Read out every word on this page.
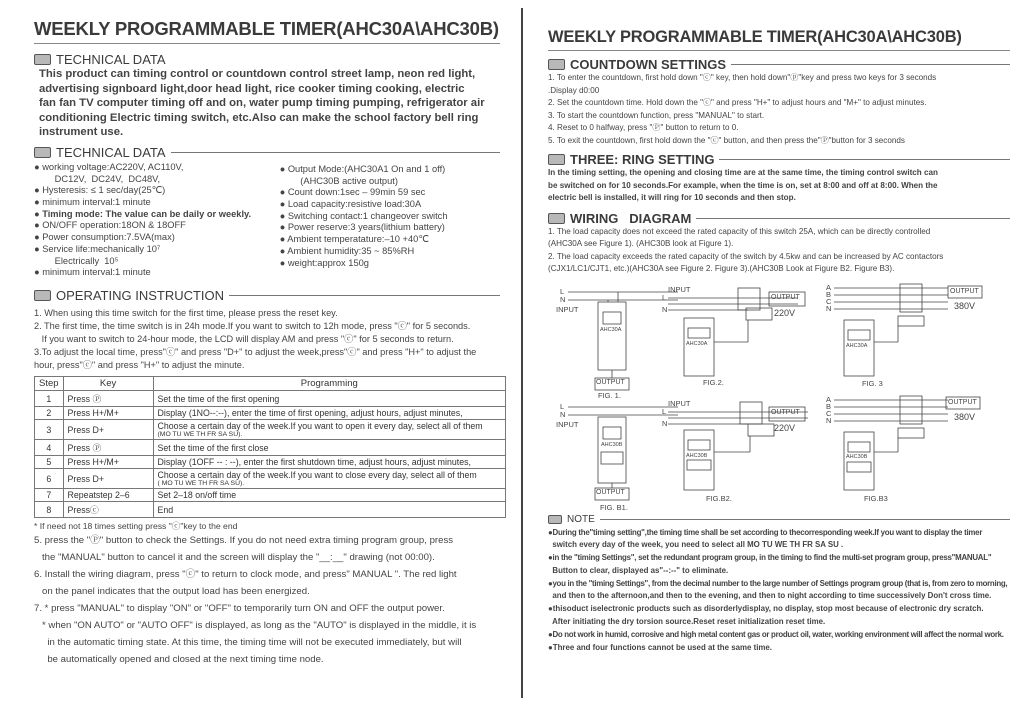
WEEKLY PROGRAMMABLE TIMER(AHC30A\AHC30B)
TECHNICAL DATA
This product can timing control or countdown control street lamp, neon red light,
advertising signboard light,door head light, rice cooker timing cooking, electric
fan fan TV computer timing off and on, water pump timing pumping, refrigerator air
conditioning Electric timing switch, etc.Also can make the school factory bell ring
instrument use.
TECHNICAL DATA
● working voltage:AC220V, AC110V,
DC12V,  DC24V,  DC48V,
● Hysteresis: ≤ 1 sec/day(25℃)
● minimum interval:1 minute
● Timing mode: The value can be daily or weekly.
● ON/OFF operation:18ON & 18OFF
● Power consumption:7.5VA(max)
● Service life:mechanically 10⁷
Electrically  10⁵
● minimum interval:1 minute
● Output Mode:(AHC30A1 On and 1 off)
(AHC30B active output)
● Count down:1sec – 99min 59 sec
● Load capacity:resistive load:30A
● Switching contact:1 changeover switch
● Power reserve:3 years(lithium battery)
● Ambient temperatature:–10 +40℃
● Ambient humidity:35 ~ 85%RH
● weight:approx 150g
OPERATING INSTRUCTION
1. When using this time switch for the first time, please press the reset key.
2. The first time, the time switch is in 24h mode.If you want to switch to 12h mode, press "ⓒ" for 5 seconds.
If you want to switch to 24-hour mode, the LCD will display AM and press "ⓒ" for 5 seconds to return.
3.To adjust the local time, press"ⓒ" and press "D+" to adjust the week,press"ⓒ" and press "H+" to adjust the
hour, press"ⓒ" and press "H+" to adjust the minute.
Step	Key	Programming
1	Press Ⓟ	Set the time of the first opening
2	Press H+/M+	Display (1NO--:--), enter the time of first opening, adjust hours, adjust minutes,
3	Press D+	Choose a certain day of the week.If you want to open it every day, select all of them
(MO TU WE TH FR SA SU).

4	Press Ⓟ	Set the time of the first close
5	Press H+/M+	Display (1OFF -- : --), enter the first shutdown time, adjust hours, adjust minutes,
6	Press D+	Choose a certain day of the week.If you want to close every day, select all of them
( MO TU WE TH FR SA SU).

7	Repeatstep 2–6	Set 2–18 on/off time
8	Pressⓒ	End
* If need not 18 times setting press "ⓒ"key to the end
5. press the "Ⓟ" button to check the Settings. If you do not need extra timing program group, press
the "MANUAL" button to cancel it and the screen will display the "__:__" drawing (not 00:00).
6. Install the wiring diagram, press "ⓒ" to return to clock mode, and press" MANUAL ". The red light
on the panel indicates that the output load has been energized.
7. * press "MANUAL" to display "ON" or "OFF" to temporarily turn ON and OFF the output power.
* when "ON AUTO" or "AUTO OFF" is displayed, as long as the "AUTO" is displayed in the middle, it is
in the automatic timing state. At this time, the timing time will not be executed immediately, but will
be automatically opened and closed at the next timing time node.
WEEKLY PROGRAMMABLE TIMER(AHC30A\AHC30B)
COUNTDOWN SETTINGS
1. To enter the countdown, first hold down "ⓒ" key, then hold down"ⓟ"key and press two keys for 3 seconds
.Display d0:00
2. Set the countdown time. Hold down the "ⓒ" and press "H+" to adjust hours and "M+" to adjust minutes.
3. To start the countdown function, press "MANUAL" to start.
4. Reset to 0 halfway, press "Ⓟ" button to return to 0.
5. To exit the countdown, first hold down the "ⓒ" button, and then press the"Ⓟ"button for 3 seconds
THREE: RING SETTING
In the timing setting, the opening and closing time are at the same time, the timing control switch can
be switched on for 10 seconds.For example, when the time is on, set at 8:00 and off at 8:00. When the
electric bell is installed, it will ring for 10 seconds and then stop.
WIRING   DIAGRAM
1. The load capacity does not exceed the rated capacity of this switch 25A, which can be directly controlled
(AHC30A see Figure 1). (AHC30B look at Figure 1).
2. The load capacity exceeds the rated capacity of the switch by 4.5kw and can be increased by AC contactors
(CJX1/LC1/CJT1, etc.)(AHC30A see Figure 2. Figure 3).(AHC30B Look at Figure B2. Figure B3).
L
N
INPUT
AHC30A
OUTPUT
FIG. 1.
INPUT
L
N
OUTPUT
220V
AHC30A
FIG.2.
A
B
C
N
OUTPUT
380V
AHC30A
FIG. 3
L
N
INPUT
AHC30B
OUTPUT
FIG. B1.
INPUT
L
N
OUTPUT
220V
AHC30B
FIG.B2.
A
B
C
N
OUTPUT
380V
AHC30B
FIG.B3
NOTE
●During the"timing setting",the timing time shall be set according to thecorresponding week.If you want to display the timer
switch every day of the week, you need to select all MO TU WE TH FR SA SU .
●in the "timing Settings", set the redundant program group, in the timing to find the multi-set program group, press"MANUAL"
Button to clear, displayed as"--:--" to eliminate.
●you in the "timing Settings", from the decimal number to the large number of Settings program group (that is, from zero to morning,
and then to the afternoon,and then to the evening, and then to night according to time successively Don't cross time.
●thisoduct iselectronic products such as disorderlydisplay, no display, stop most because of electronic dry scratch.
After initiating the dry torsion source.Reset reset initialization reset time.
●Do not work in humid, corrosive and high metal content gas or product oil, water, working environment will affect the normal work.
●Three and four functions cannot be used at the same time.
